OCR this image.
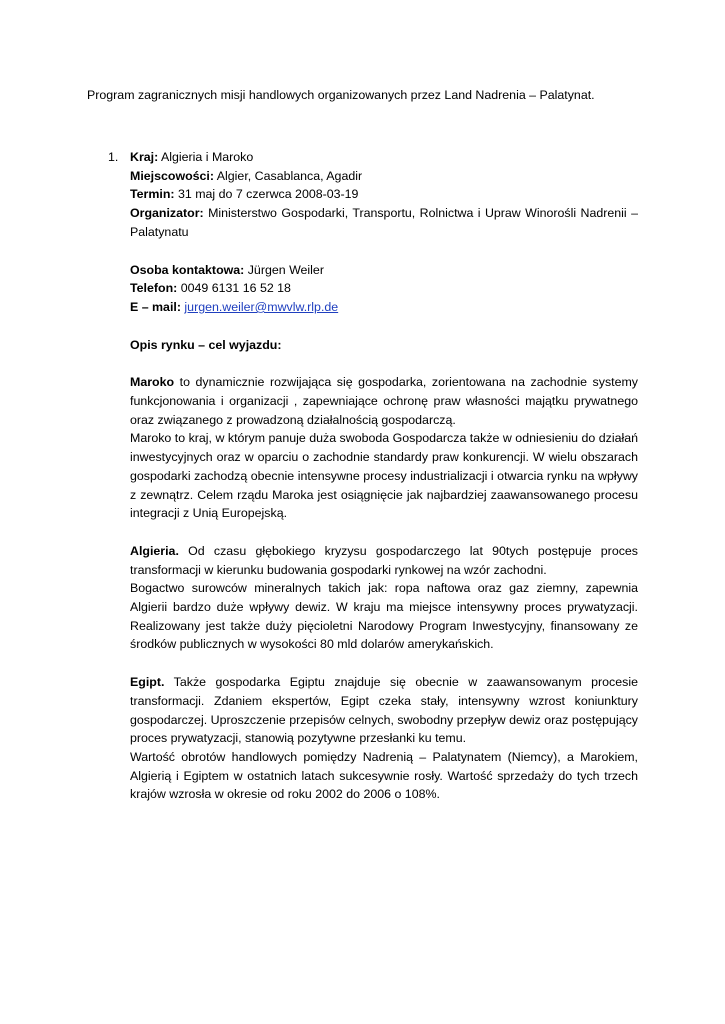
Program zagranicznych misji handlowych organizowanych przez Land Nadrenia – Palatynat.
1. Kraj: Algieria i Maroko
Miejscowości: Algier, Casablanca, Agadir
Termin: 31 maj do 7 czerwca 2008-03-19
Organizator: Ministerstwo Gospodarki, Transportu, Rolnictwa i Upraw Winorośli Nadrenii – Palatynatu
Osoba kontaktowa: Jürgen Weiler
Telefon: 0049 6131 16 52 18
E – mail: jurgen.weiler@mwvlw.rlp.de
Opis rynku – cel wyjazdu:
Maroko to dynamicznie rozwijająca się gospodarka, zorientowana na zachodnie systemy funkcjonowania i organizacji , zapewniające ochronę praw własności majątku prywatnego oraz związanego z prowadzoną działalnością gospodarczą.
Maroko to kraj, w którym panuje duża swoboda Gospodarcza także w odniesieniu do działań inwestycyjnych oraz w oparciu o zachodnie standardy praw konkurencji. W wielu obszarach gospodarki zachodzą obecnie intensywne procesy industrializacji i otwarcia rynku na wpływy z zewnątrz. Celem rządu Maroka jest osiągnięcie jak najbardziej zaawansowanego procesu integracji z Unią Europejską.
Algieria. Od czasu głębokiego kryzysu gospodarczego lat 90tych postępuje proces transformacji w kierunku budowania gospodarki rynkowej na wzór zachodni.
Bogactwo surowców mineralnych takich jak: ropa naftowa oraz gaz ziemny, zapewnia Algierii bardzo duże wpływy dewiz. W kraju ma miejsce intensywny proces prywatyzacji. Realizowany jest także duży pięcioletni Narodowy Program Inwestycyjny, finansowany ze środków publicznych w wysokości 80 mld dolarów amerykańskich.
Egipt. Także gospodarka Egiptu znajduje się obecnie w zaawansowanym procesie transformacji. Zdaniem ekspertów, Egipt czeka stały, intensywny wzrost koniunktury gospodarczej. Uproszczenie przepisów celnych, swobodny przepływ dewiz oraz postępujący proces prywatyzacji, stanowią pozytywne przesłanki ku temu.
Wartość obrotów handlowych pomiędzy Nadrenią – Palatynatem (Niemcy), a Marokiem, Algierią i Egiptem w ostatnich latach sukcesywnie rosły. Wartość sprzedaży do tych trzech krajów wzrosła w okresie od roku 2002 do 2006 o 108%.
